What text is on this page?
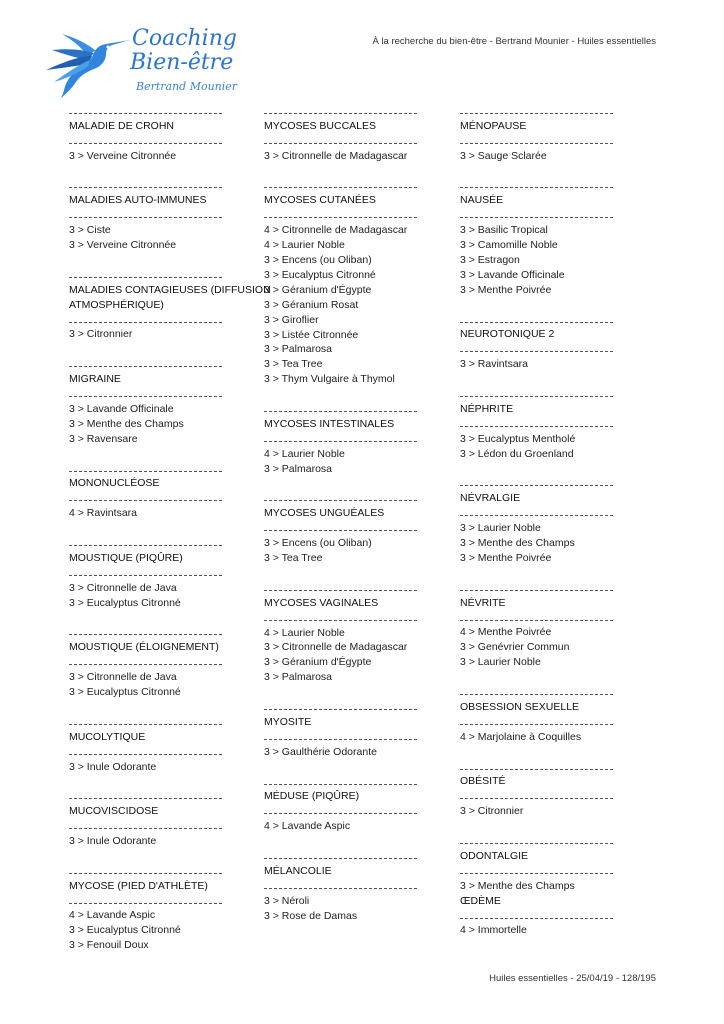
Coaching
Bien-être
Bertrand Mounier
À la recherche du bien-être - Bertrand Mounier - Huiles essentielles
MALADIE DE CROHN
3 > Verveine Citronnée
MALADIES AUTO-IMMUNES
3 > Ciste
3 > Verveine Citronnée
MALADIES CONTAGIEUSES (DIFFUSION ATMOSPHÉRIQUE)
3 > Citronnier
MIGRAINE
3 > Lavande Officinale
3 > Menthe des Champs
3 > Ravensare
MONONUCLÉOSE
4 > Ravintsara
MOUSTIQUE (PIQÛRE)
3 > Citronnelle de Java
3 > Eucalyptus Citronné
MOUSTIQUE (ÉLOIGNEMENT)
3 > Citronnelle de Java
3 > Eucalyptus Citronné
MUCOLYTIQUE
3 > Inule Odorante
MUCOVISCIDOSE
3 > Inule Odorante
MYCOSE (PIED D'ATHLÈTE)
4 > Lavande Aspic
3 > Eucalyptus Citronné
3 > Fenouil Doux
MYCOSES BUCCALES
3 > Citronnelle de Madagascar
MYCOSES CUTANÉES
4 > Citronnelle de Madagascar
4 > Laurier Noble
3 > Encens (ou Oliban)
3 > Eucalyptus Citronné
3 > Géranium d'Égypte
3 > Géranium Rosat
3 > Giroflier
3 > Listée Citronnée
3 > Palmarosa
3 > Tea Tree
3 > Thym Vulgaire à Thymol
MYCOSES INTESTINALES
4 > Laurier Noble
3 > Palmarosa
MYCOSES UNGUÉALES
3 > Encens (ou Oliban)
3 > Tea Tree
MYCOSES VAGINALES
4 > Laurier Noble
3 > Citronnelle de Madagascar
3 > Géranium d'Égypte
3 > Palmarosa
MYOSITE
3 > Gaulthérie Odorante
MÉDUSE (PIQÛRE)
4 > Lavande Aspic
MÉLANCOLIE
3 > Néroli
3 > Rose de Damas
MÉNOPAUSE
3 > Sauge Sclarée
NAUSÉE
3 > Basilic Tropical
3 > Camomille Noble
3 > Estragon
3 > Lavande Officinale
3 > Menthe Poivrée
NEUROTONIQUE 2
3 > Ravintsara
NÉPHRITE
3 > Eucalyptus Mentholé
3 > Lédon du Groenland
NÉVRALGIE
3 > Laurier Noble
3 > Menthe des Champs
3 > Menthe Poivrée
NÉVRITE
4 > Menthe Poivrée
3 > Genévrier Commun
3 > Laurier Noble
OBSESSION SEXUELLE
4 > Marjolaine à Coquilles
OBÉSITÉ
3 > Citronnier
ODONTALGIE
3 > Menthe des Champs
ŒDÈME
4 > Immortelle
Huiles essentielles - 25/04/19 - 128/195
